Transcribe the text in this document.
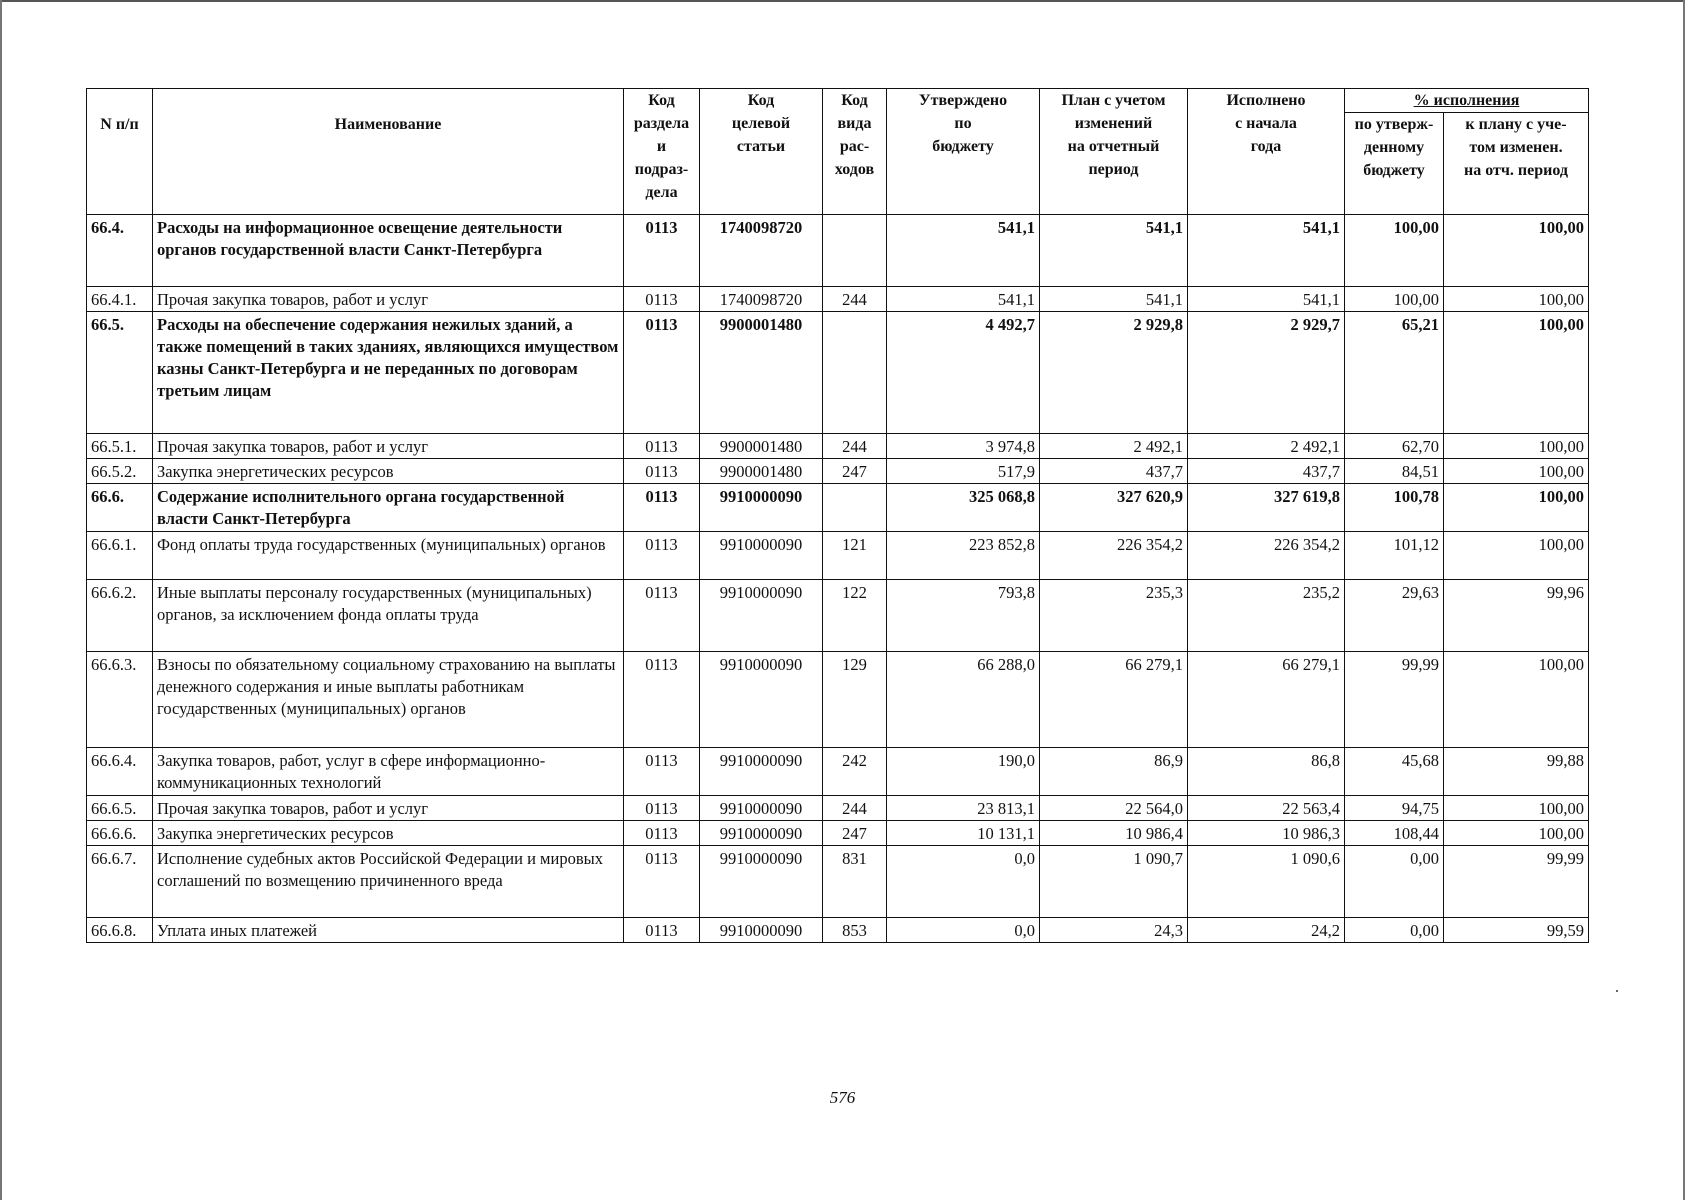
N п/п	Наименование	Код
раздела
и
подраз-
дела	Код
целевой
статьи	Код
вида
рас-
ходов	Утверждено
по
бюджету	План с учетом
изменений
на отчетный
период	Исполнено
с начала
года	% исполнения	
								по утверж-
денному
бюджету	к плану с уче-
том изменен.
на отч. период
66.4.	Расходы на информационное освещение деятельности органов государственной власти Санкт-Петербурга	0113	1740098720		541,1	541,1	541,1	100,00	100,00
66.4.1.	Прочая закупка товаров, работ и услуг	0113	1740098720	244	541,1	541,1	541,1	100,00	100,00
66.5.	Расходы на обеспечение содержания нежилых зданий, а также помещений в таких зданиях, являющихся имуществом казны Санкт-Петербурга и не переданных по договорам третьим лицам	0113	9900001480		4 492,7	2 929,8	2 929,7	65,21	100,00
66.5.1.	Прочая закупка товаров, работ и услуг	0113	9900001480	244	3 974,8	2 492,1	2 492,1	62,70	100,00
66.5.2.	Закупка энергетических ресурсов	0113	9900001480	247	517,9	437,7	437,7	84,51	100,00
66.6.	Содержание исполнительного органа государственной власти Санкт-Петербурга	0113	9910000090		325 068,8	327 620,9	327 619,8	100,78	100,00
66.6.1.	Фонд оплаты труда государственных (муниципальных) органов	0113	9910000090	121	223 852,8	226 354,2	226 354,2	101,12	100,00
66.6.2.	Иные выплаты персоналу государственных (муниципальных) органов, за исключением фонда оплаты труда	0113	9910000090	122	793,8	235,3	235,2	29,63	99,96
66.6.3.	Взносы по обязательному социальному страхованию на выплаты денежного содержания и иные выплаты работникам государственных (муниципальных) органов	0113	9910000090	129	66 288,0	66 279,1	66 279,1	99,99	100,00
66.6.4.	Закупка товаров, работ, услуг в сфере информационно-коммуникационных технологий	0113	9910000090	242	190,0	86,9	86,8	45,68	99,88
66.6.5.	Прочая закупка товаров, работ и услуг	0113	9910000090	244	23 813,1	22 564,0	22 563,4	94,75	100,00
66.6.6.	Закупка энергетических ресурсов	0113	9910000090	247	10 131,1	10 986,4	10 986,3	108,44	100,00
66.6.7.	Исполнение судебных актов Российской Федерации и мировых соглашений по возмещению причиненного вреда	0113	9910000090	831	0,0	1 090,7	1 090,6	0,00	99,99
66.6.8.	Уплата иных платежей	0113	9910000090	853	0,0	24,3	24,2	0,00	99,59
576
